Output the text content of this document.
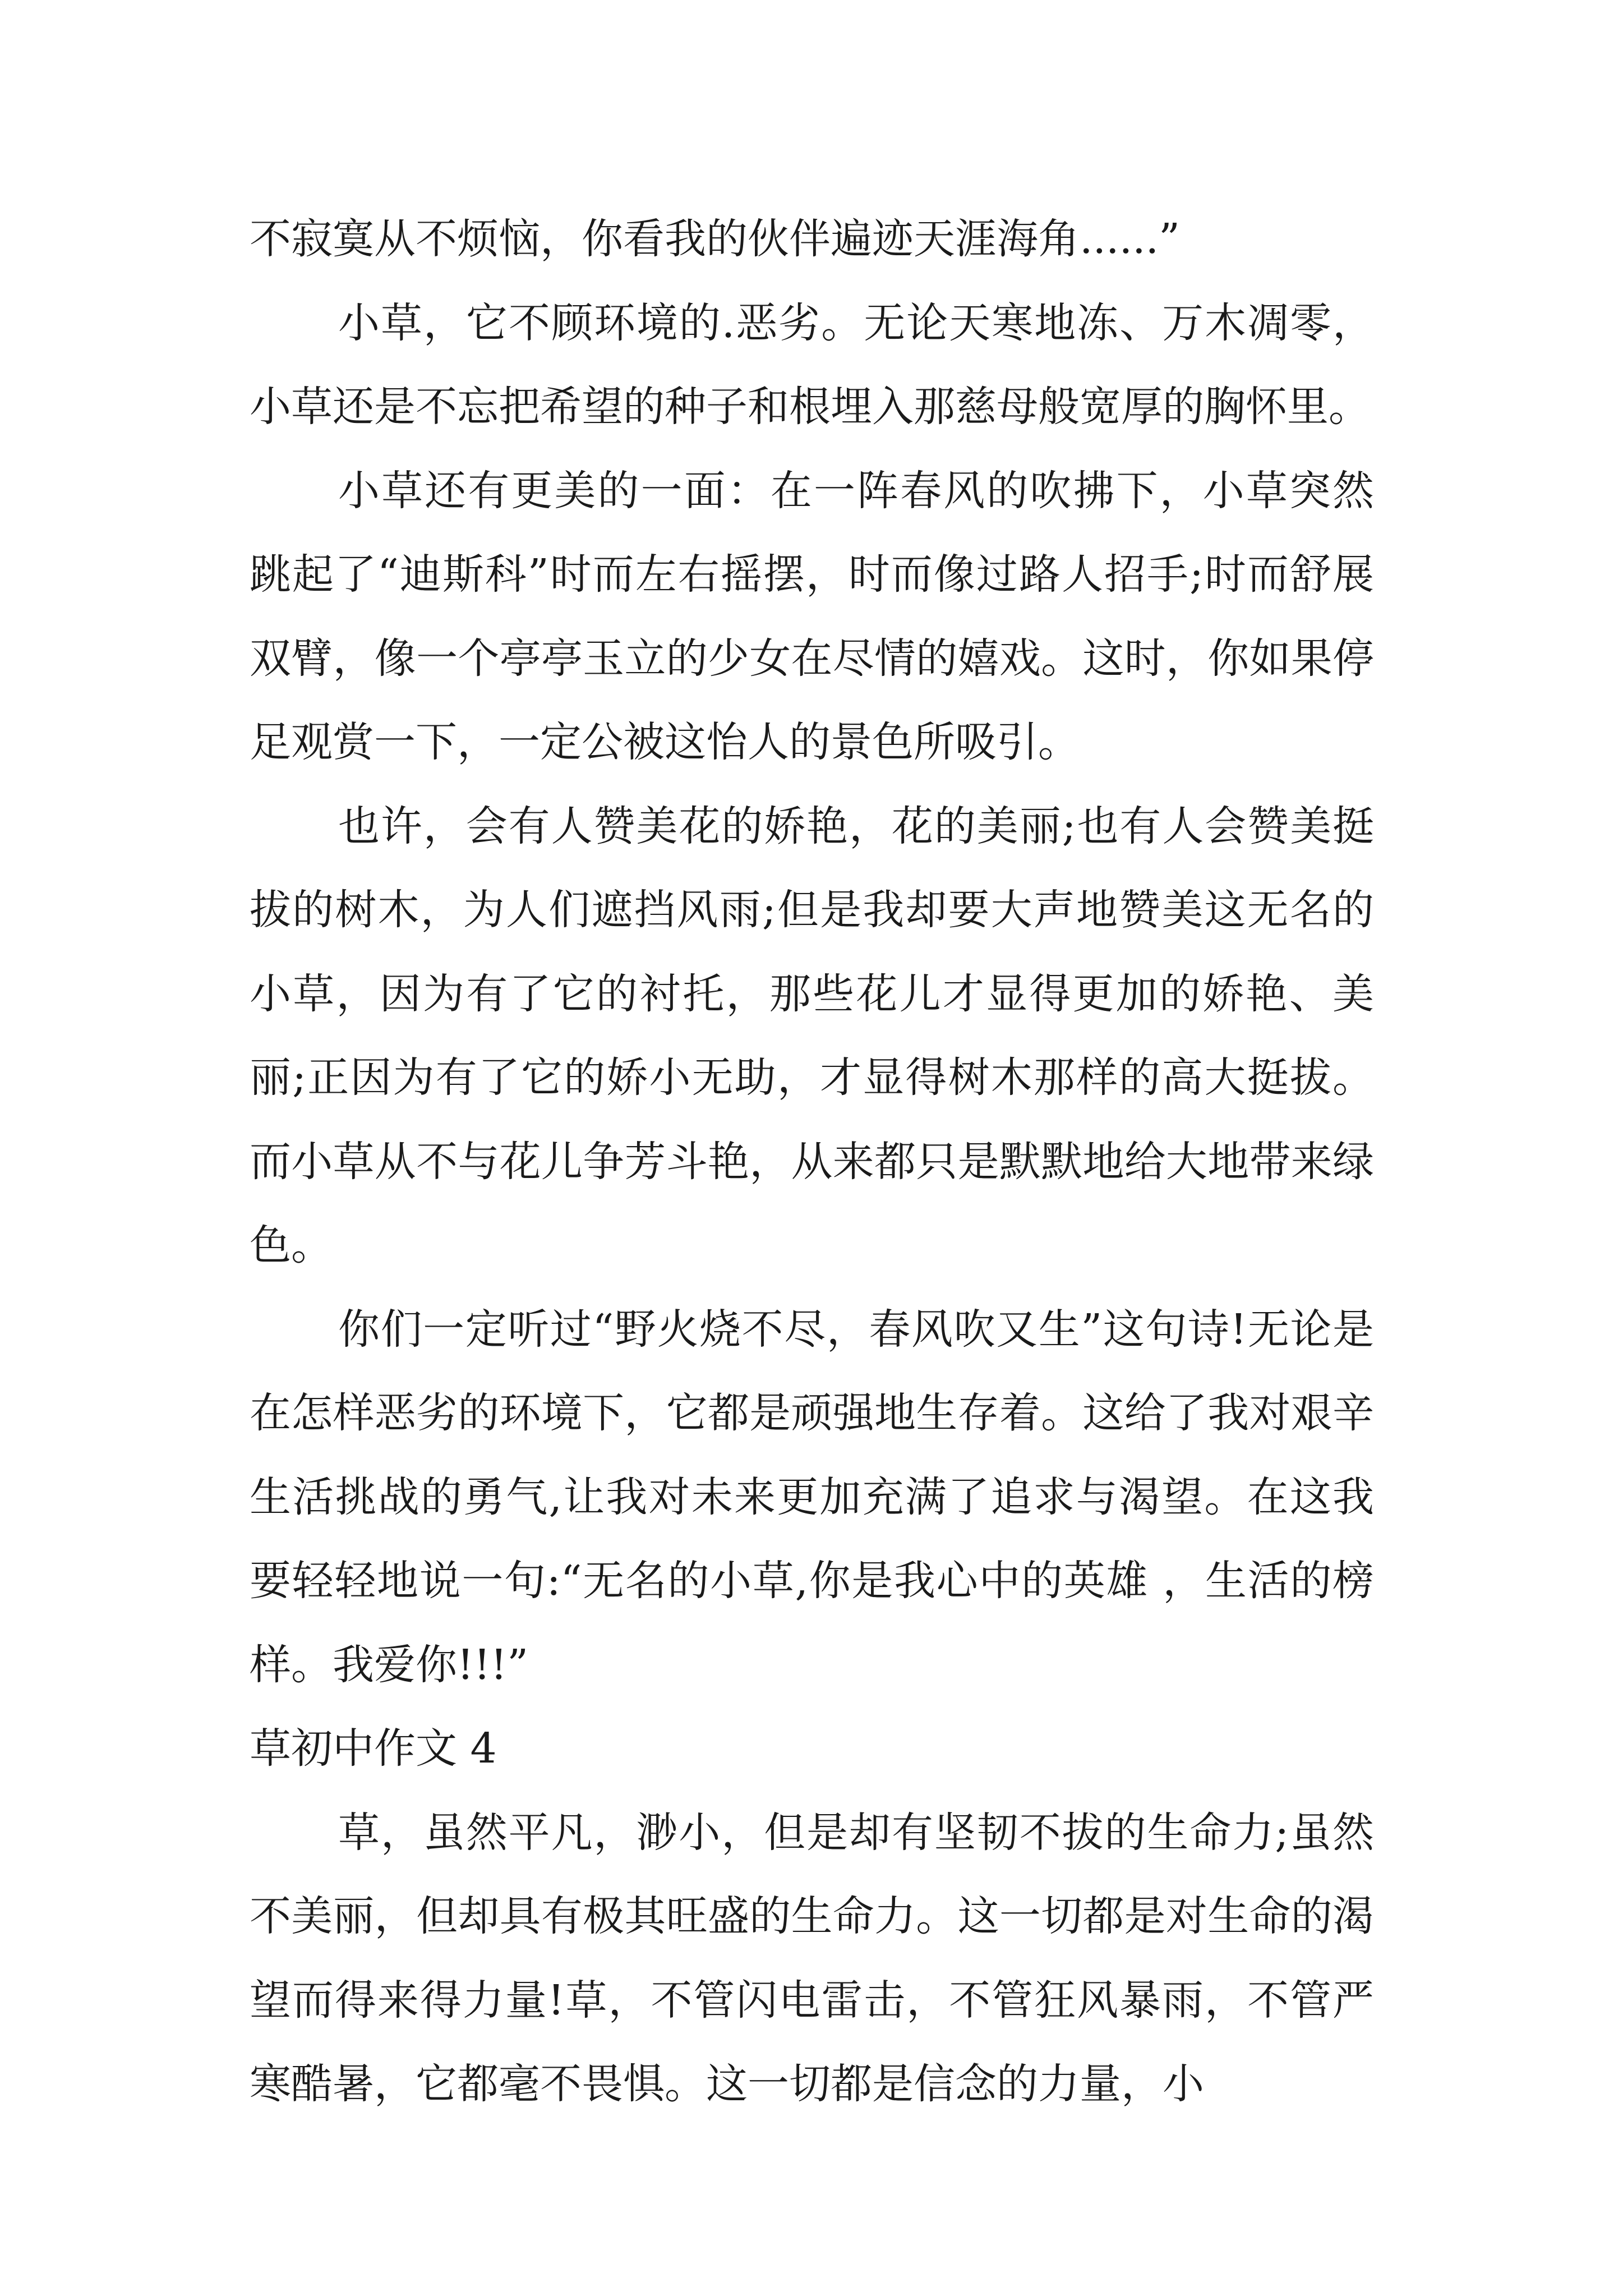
不寂寞从不烦恼，你看我的伙伴遍迹天涯海角......”

小草，它不顾环境的.恶劣。无论天寒地冻、万木凋零，小草还是不忘把希望的种子和根埋入那慈母般宽厚的胸怀里。

小草还有更美的一面：在一阵春风的吹拂下，小草突然跳起了“迪斯科”时而左右摇摆，时而像过路人招手;时而舒展双臂，像一个亭亭玉立的少女在尽情的嬉戏。这时，你如果停足观赏一下，一定公被这怡人的景色所吸引。

也许，会有人赞美花的娇艳，花的美丽;也有人会赞美挺拔的树木，为人们遮挡风雨;但是我却要大声地赞美这无名的小草，因为有了它的衬托，那些花儿才显得更加的娇艳、美丽;正因为有了它的娇小无助，才显得树木那样的高大挺拔。而小草从不与花儿争芳斗艳，从来都只是默默地给大地带来绿色。

你们一定听过“野火烧不尽，春风吹又生”这句诗!无论是在怎样恶劣的环境下，它都是顽强地生存着。这给了我对艰辛生活挑战的勇气,让我对未来更加充满了追求与渴望。在这我要轻轻地说一句:“无名的小草,你是我心中的英雄 ，生活的榜样。我爱你!!!”

草初中作文 4

草，虽然平凡，渺小，但是却有坚韧不拔的生命力;虽然不美丽，但却具有极其旺盛的生命力。这一切都是对生命的渴望而得来得力量!草，不管闪电雷击，不管狂风暴雨，不管严寒酷暑，它都毫不畏惧。这一切都是信念的力量，小
